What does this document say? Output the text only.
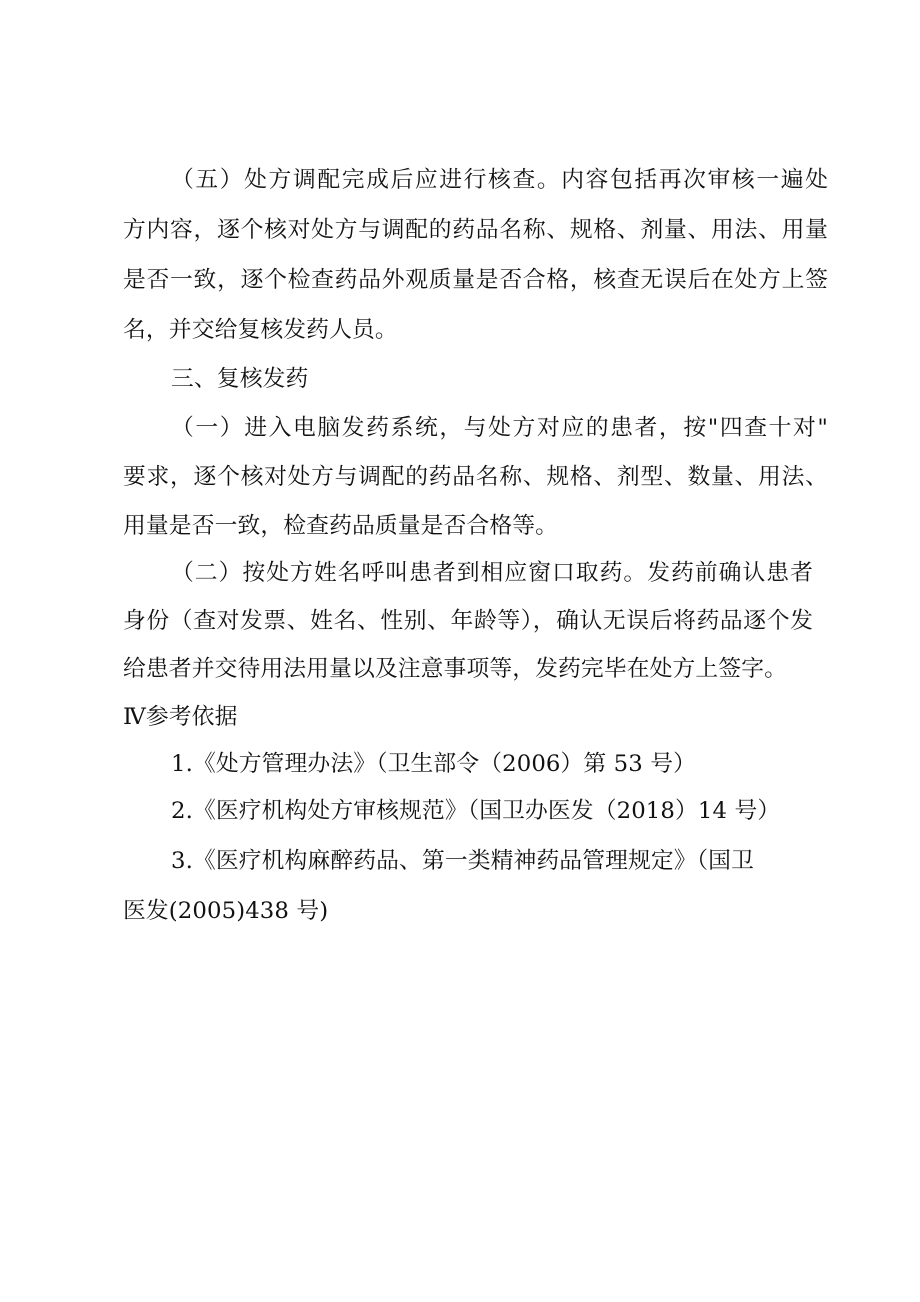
（五）处方调配完成后应进行核查。内容包括再次审核一遍处
方内容，逐个核对处方与调配的药品名称、规格、剂量、用法、用量
是否一致，逐个检查药品外观质量是否合格，核查无误后在处方上签
名，并交给复核发药人员。
三、复核发药
（一）进入电脑发药系统，与处方对应的患者，按"四查十对"
要求，逐个核对处方与调配的药品名称、规格、剂型、数量、用法、
用量是否一致，检查药品质量是否合格等。
（二）按处方姓名呼叫患者到相应窗口取药。发药前确认患者
身份（查对发票、姓名、性别、年龄等），确认无误后将药品逐个发
给患者并交待用法用量以及注意事项等，发药完毕在处方上签字。
Ⅳ参考依据
1.《处方管理办法》（卫生部令（2006）第 53 号）
2.《医疗机构处方审核规范》（国卫办医发（2018）14 号）
3.《医疗机构麻醉药品、第一类精神药品管理规定》（国卫
医发(2005)438 号)
